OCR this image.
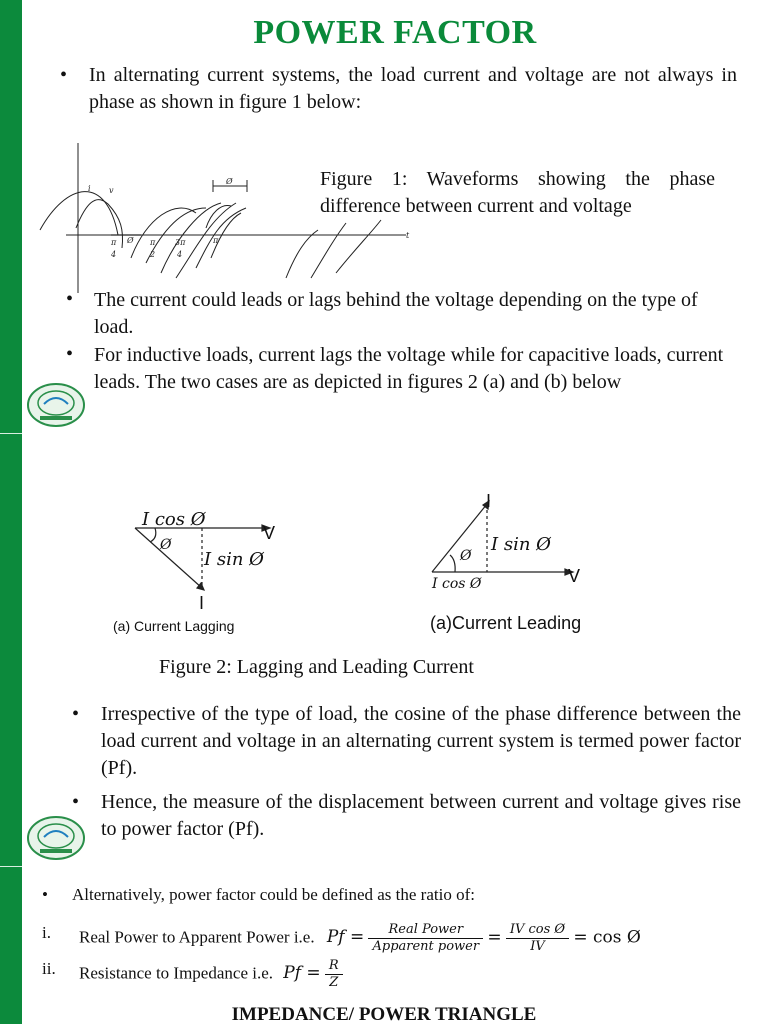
POWER FACTOR
• In alternating current systems, the load current and voltage are not always in phase as shown in figure 1 below:
i v
Ø
t
π
4
Ø π
2
3π
4
π
Figure 1: Waveforms showing the phase difference between current and voltage
• The current could leads or lags behind the voltage depending on the type of load.
• For inductive loads, current lags the voltage while for capacitive loads, current leads. The two cases are as depicted in figures 2 (a) and (b) below
I cos Ø
I sin Ø
I sin Ø
Ø
Ø
I cos Ø
V
I
V
I
(a) Current Lagging	(a)Current Leading
Figure 2: Lagging and Leading Current
• Irrespective of the type of load, the cosine of the phase difference between the load current and voltage in an alternating current system is termed power factor (Pf).
• Hence, the measure of the displacement between current and voltage gives rise to power factor (Pf).
• Alternatively, power factor could be defined as the ratio of:
i. Real Power to Apparent Power i.e. $Pf = \frac{\text{Real Power}}{\text{Apparent power}} = \frac{\text{IV cos Ø}}{IV} = \cos$ Ø
ii. Resistance to Impedance i.e. $Pf = \frac{R}{Z}$
IMPEDANCE/ POWER TRIANGLE
